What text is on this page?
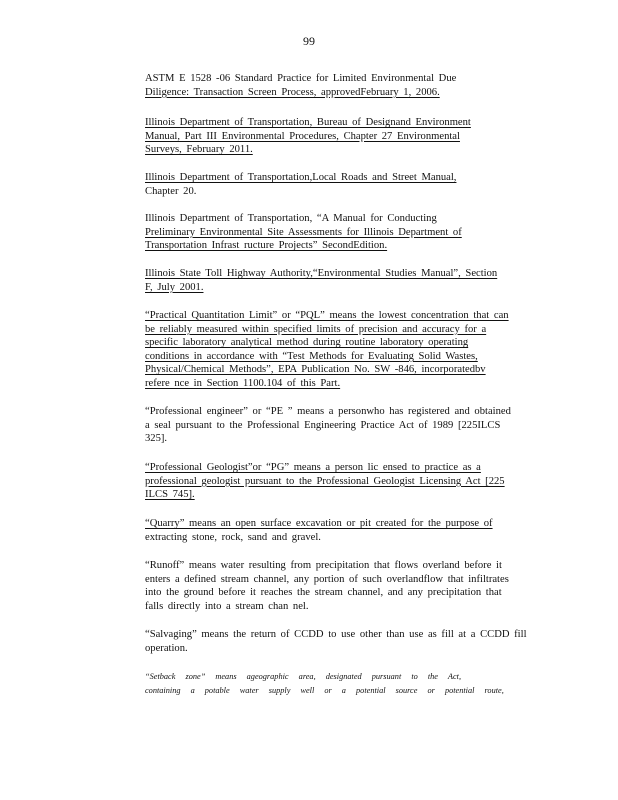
99
ASTM E 1528 -06 Standard Practice for Limited Environmental Due
Diligence: Transaction Screen Process, approvedFebruary 1, 2006.
Illinois Department of Transportation, Bureau of Designand Environment
Manual, Part III Environmental Procedures, Chapter 27 Environmental
Surveys, February 2011.
Illinois Department of Transportation,Local Roads and Street Manual,
Chapter 20.
Illinois Department of Transportation, “A Manual for Conducting
Preliminary Environmental Site Assessments for Illinois Department of
Transportation Infrast ructure Projects” SecondEdition.
Illinois State Toll Highway Authority,“Environmental Studies Manual”, Section
F, July 2001.
“Practical Quantitation Limit” or “PQL” means the lowest concentration that can
be reliably measured within specified limits of precision and accuracy for a
specific laboratory analytical method during routine laboratory operating
conditions in accordance with “Test Methods for Evaluating Solid Wastes,
Physical/Chemical Methods”, EPA Publication No. SW -846, incorporatedbv
refere nce in Section 1100.104 of this Part.
“Professional engineer” or “PE ” means a personwho has registered and obtained
a seal pursuant to the Professional Engineering Practice Act of 1989 [225ILCS
325].
“Professional Geologist”or “PG” means a person lic ensed to practice as a
professional geologist pursuant to the Professional Geologist Licensing Act [225
ILCS 745].
“Quarry” means an open surface excavation or pit created for the purpose of
extracting stone, rock, sand and gravel.
“Runoff” means water resulting from precipitation that flows overland before it
enters a defined stream channel, any portion of such overlandflow that infiltrates
into the ground before it reaches the stream channel, and any precipitation that
falls directly into a stream chan nel.
“Salvaging” means the return of CCDD to use other than use as fill at a CCDD fill
operation.
“Setback zone” means ageographic area, designated pursuant to the Act,
containing a potable water supply well or a potential source or potential route,
